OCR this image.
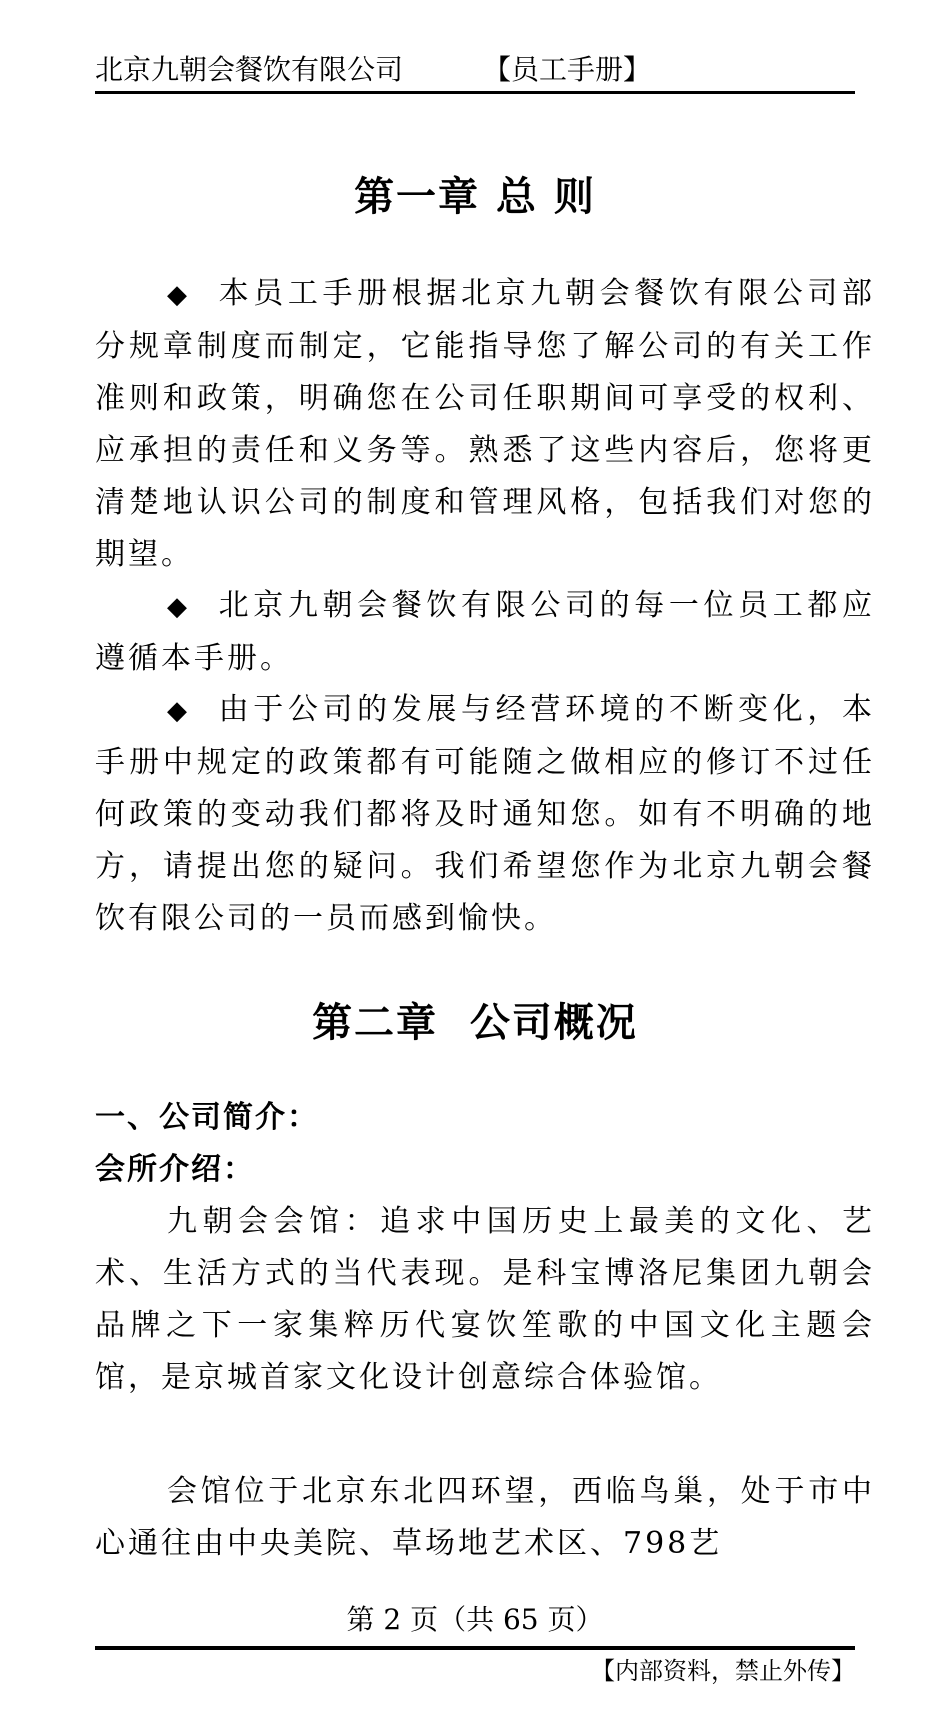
北京九朝会餐饮有限公司	【员工手册】
第一章 总 则
◆ 本员工手册根据北京九朝会餐饮有限公司部分规章制度而制定，它能指导您了解公司的有关工作准则和政策，明确您在公司任职期间可享受的权利、应承担的责任和义务等。熟悉了这些内容后，您将更清楚地认识公司的制度和管理风格，包括我们对您的期望。
◆ 北京九朝会餐饮有限公司的每一位员工都应遵循本手册。
◆ 由于公司的发展与经营环境的不断变化，本手册中规定的政策都有可能随之做相应的修订不过任何政策的变动我们都将及时通知您。如有不明确的地方，请提出您的疑问。我们希望您作为北京九朝会餐饮有限公司的一员而感到愉快。
第二章  公司概况
一、公司简介：
会所介绍：
九朝会会馆：追求中国历史上最美的文化、艺术、生活方式的当代表现。是科宝博洛尼集团九朝会品牌之下一家集粹历代宴饮笙歌的中国文化主题会馆，是京城首家文化设计创意综合体验馆。
会馆位于北京东北四环望，西临鸟巢，处于市中心通往由中央美院、草场地艺术区、798艺
第 2 页（共 65 页）
【内部资料，禁止外传】
